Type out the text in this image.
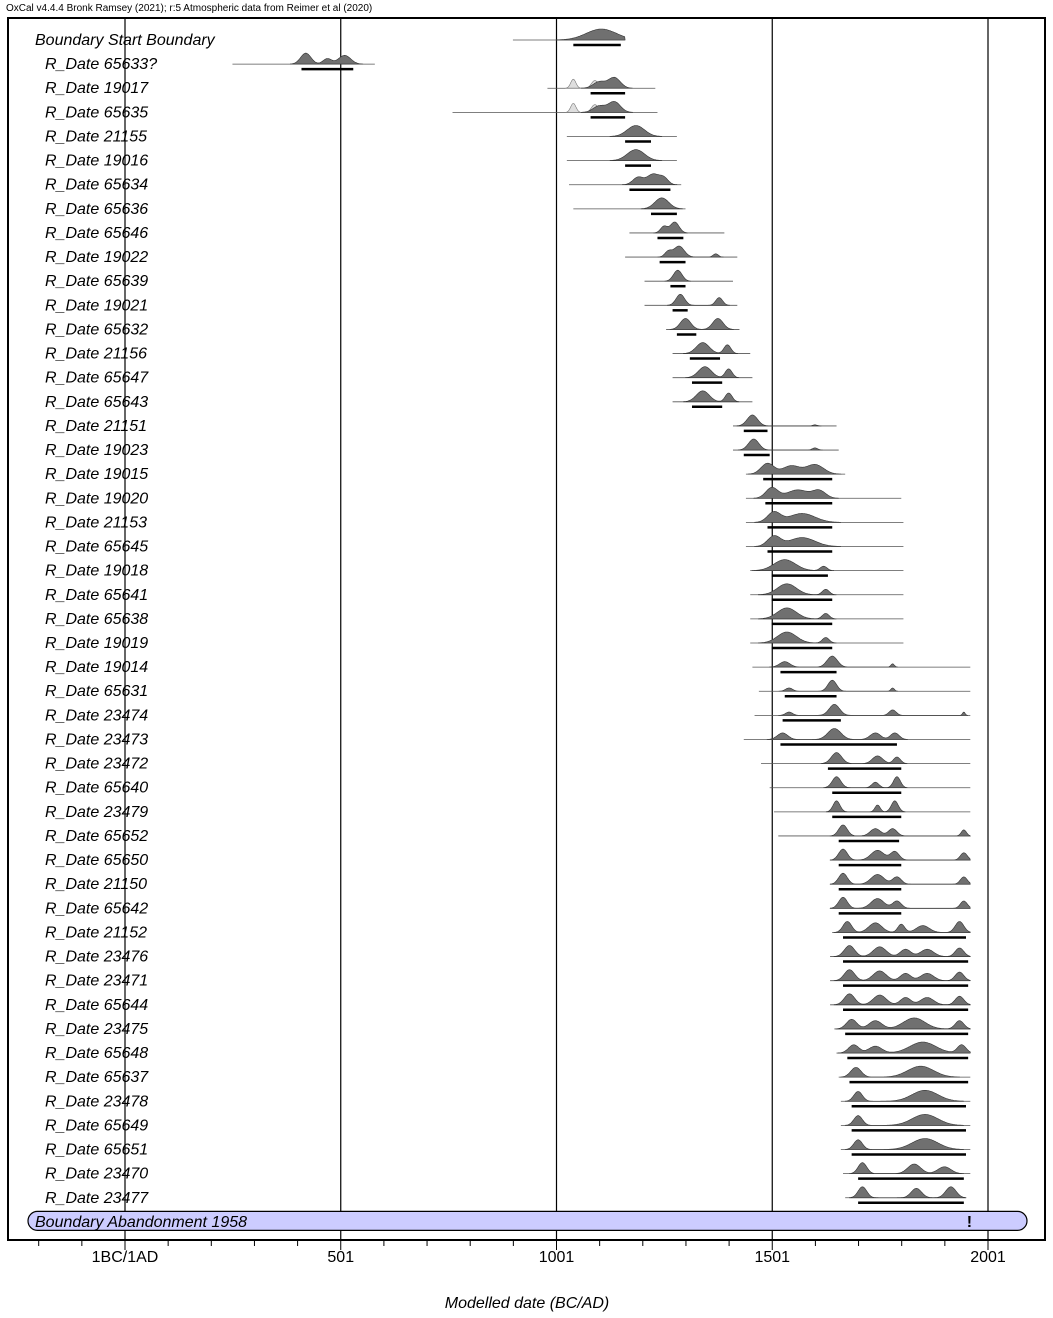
OxCal v4.4.4 Bronk Ramsey (2021); r:5 Atmospheric data from Reimer et al (2020)
Boundary Start Boundary
R_Date 65633?
R_Date 19017
R_Date 65635
R_Date 21155
R_Date 19016
R_Date 65634
R_Date 65636
R_Date 65646
R_Date 19022
R_Date 65639
R_Date 19021
R_Date 65632
R_Date 21156
R_Date 65647
R_Date 65643
R_Date 21151
R_Date 19023
R_Date 19015
R_Date 19020
R_Date 21153
R_Date 65645
R_Date 19018
R_Date 65641
R_Date 65638
R_Date 19019
R_Date 19014
R_Date 65631
R_Date 23474
R_Date 23473
R_Date 23472
R_Date 65640
R_Date 23479
R_Date 65652
R_Date 65650
R_Date 21150
R_Date 65642
R_Date 21152
R_Date 23476
R_Date 23471
R_Date 65644
R_Date 23475
R_Date 65648
R_Date 65637
R_Date 23478
R_Date 65649
R_Date 65651
R_Date 23470
R_Date 23477
Boundary Abandonment 1958	!
1BC/1AD	501	1001	1501	2001
Modelled date (BC/AD)
